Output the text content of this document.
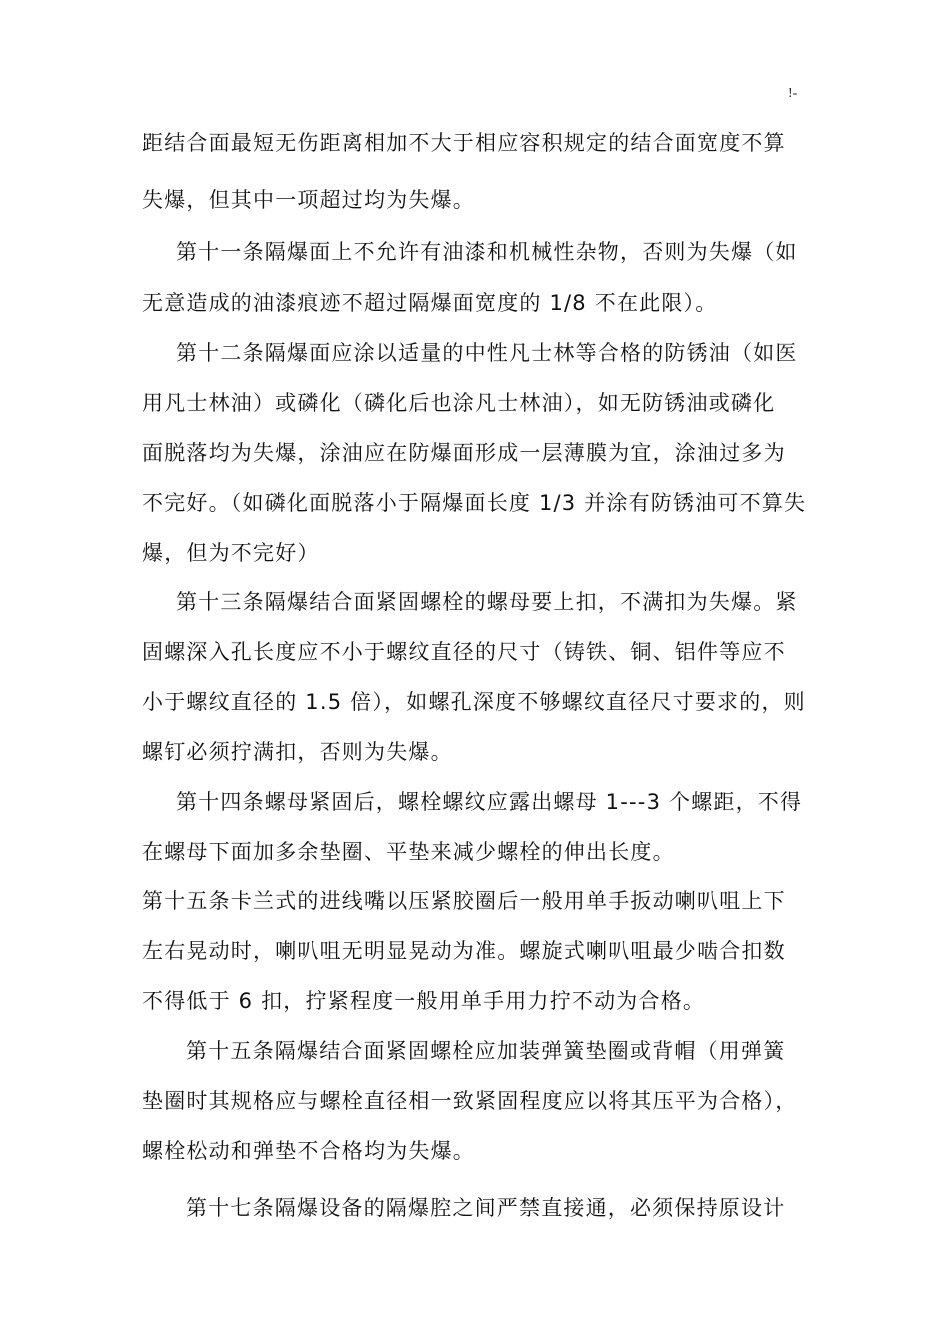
!-
距结合面最短无伤距离相加不大于相应容积规定的结合面宽度不算
失爆，但其中一项超过均为失爆。
第十一条隔爆面上不允许有油漆和机械性杂物，否则为失爆（如
无意造成的油漆痕迹不超过隔爆面宽度的 1/8 不在此限）。
第十二条隔爆面应涂以适量的中性凡士林等合格的防锈油（如医
用凡士林油）或磷化（磷化后也涂凡士林油），如无防锈油或磷化
面脱落均为失爆，涂油应在防爆面形成一层薄膜为宜，涂油过多为
不完好。（如磷化面脱落小于隔爆面长度 1/3 并涂有防锈油可不算失
爆，但为不完好）
第十三条隔爆结合面紧固螺栓的螺母要上扣，不满扣为失爆。紧
固螺深入孔长度应不小于螺纹直径的尺寸（铸铁、铜、铝件等应不
小于螺纹直径的 1.5 倍），如螺孔深度不够螺纹直径尺寸要求的，则
螺钉必须拧满扣，否则为失爆。
第十四条螺母紧固后，螺栓螺纹应露出螺母 1---3 个螺距，不得
在螺母下面加多余垫圈、平垫来减少螺栓的伸出长度。
第十五条卡兰式的进线嘴以压紧胶圈后一般用单手扳动喇叭咀上下
左右晃动时，喇叭咀无明显晃动为准。螺旋式喇叭咀最少啮合扣数
不得低于 6 扣，拧紧程度一般用单手用力拧不动为合格。
第十五条隔爆结合面紧固螺栓应加装弹簧垫圈或背帽（用弹簧
垫圈时其规格应与螺栓直径相一致紧固程度应以将其压平为合格），
螺栓松动和弹垫不合格均为失爆。
第十七条隔爆设备的隔爆腔之间严禁直接通，必须保持原设计
